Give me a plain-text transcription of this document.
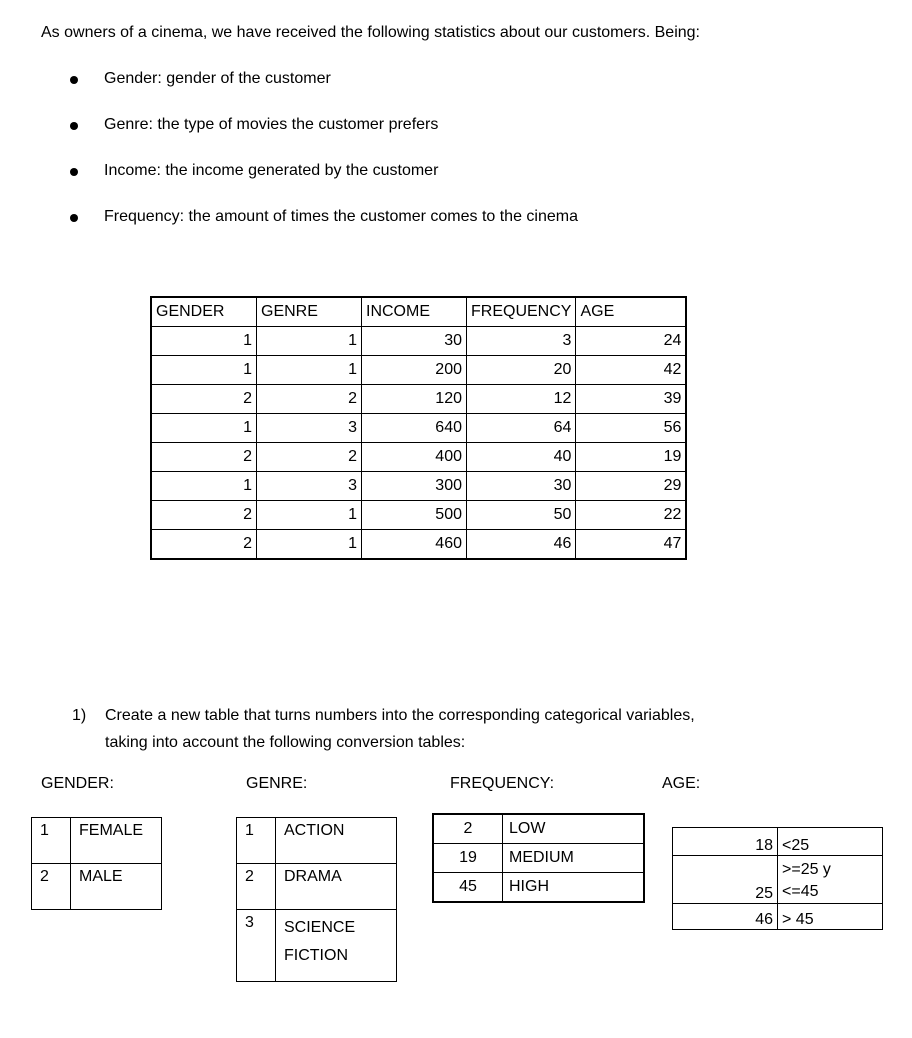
As owners of a cinema, we have received the following statistics about our customers. Being:
Gender: gender of the customer
Genre: the type of movies the customer prefers
Income: the income generated by the customer
Frequency: the amount of times the customer comes to the cinema
GENDER	GENRE	INCOME	FREQUENCY	AGE
1	1	30	3	24
1	1	200	20	42
2	2	120	12	39
1	3	640	64	56
2	2	400	40	19
1	3	300	30	29
2	1	500	50	22
2	1	460	46	47
1) Create a new table that turns numbers into the corresponding categorical variables,
taking into account the following conversion tables:
GENDER:	GENRE:	FREQUENCY:	AGE:
1	FEMALE
2	MALE
1	ACTION
2	DRAMA
3	SCIENCE
FICTION
2	LOW
19	MEDIUM
45	HIGH
18	<25
25	>=25 y
<=45

46	> 45
